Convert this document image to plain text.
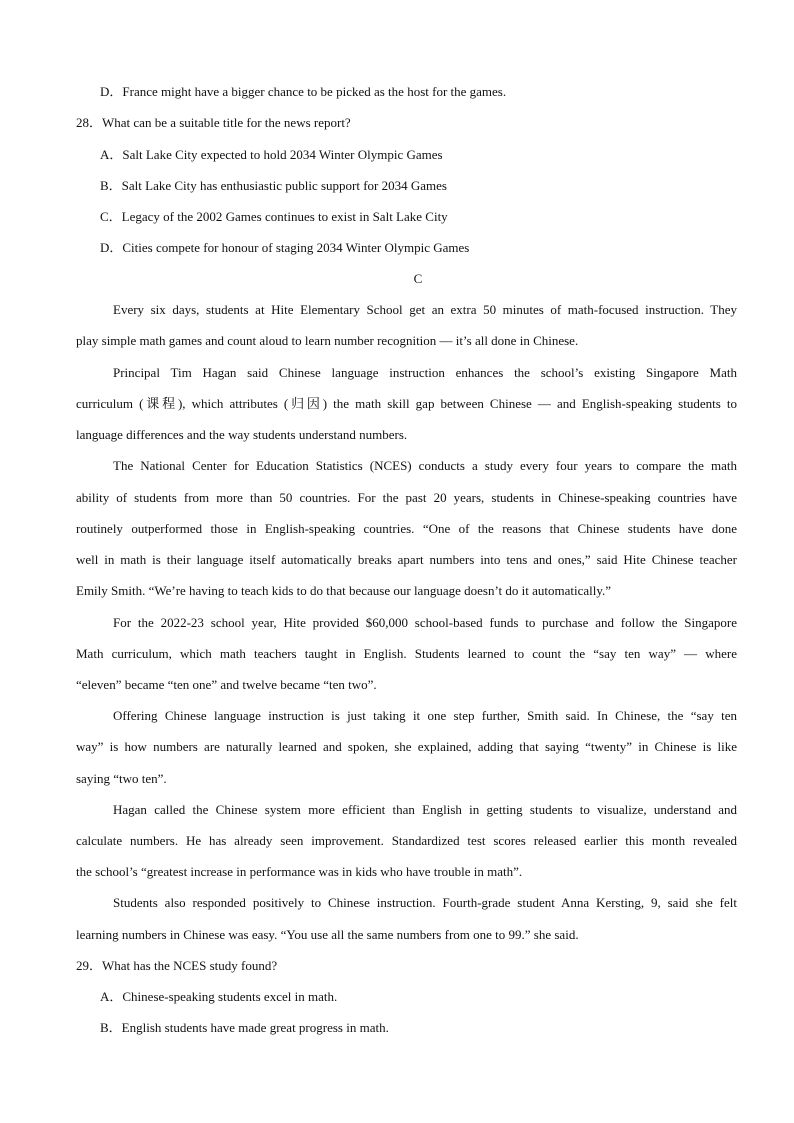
D．France might have a bigger chance to be picked as the host for the games.
28．What can be a suitable title for the news report?
A．Salt Lake City expected to hold 2034 Winter Olympic Games
B．Salt Lake City has enthusiastic public support for 2034 Games
C．Legacy of the 2002 Games continues to exist in Salt Lake City
D．Cities compete for honour of staging 2034 Winter Olympic Games
C
Every six days, students at Hite Elementary School get an extra 50 minutes of math-focused instruction. They
play simple math games and count aloud to learn number recognition — it’s all done in Chinese.
Principal Tim Hagan said Chinese language instruction enhances the school’s existing Singapore Math
curriculum (课程), which attributes (归因) the math skill gap between Chinese — and English-speaking students to
language differences and the way students understand numbers.
The National Center for Education Statistics (NCES) conducts a study every four years to compare the math
ability of students from more than 50 countries. For the past 20 years, students in Chinese-speaking countries have
routinely outperformed those in English-speaking countries. “One of the reasons that Chinese students have done
well in math is their language itself automatically breaks apart numbers into tens and ones,” said Hite Chinese teacher
Emily Smith. “We’re having to teach kids to do that because our language doesn’t do it automatically.”
For the 2022-23 school year, Hite provided $60,000 school-based funds to purchase and follow the Singapore
Math curriculum, which math teachers taught in English. Students learned to count the “say ten way” — where
“eleven” became “ten one” and twelve became “ten two”.
Offering Chinese language instruction is just taking it one step further, Smith said. In Chinese, the “say ten
way” is how numbers are naturally learned and spoken, she explained, adding that saying “twenty” in Chinese is like
saying “two ten”.
Hagan called the Chinese system more efficient than English in getting students to visualize, understand and
calculate numbers. He has already seen improvement. Standardized test scores released earlier this month revealed
the school’s “greatest increase in performance was in kids who have trouble in math”.
Students also responded positively to Chinese instruction. Fourth-grade student Anna Kersting, 9, said she felt
learning numbers in Chinese was easy. “You use all the same numbers from one to 99.” she said.
29．What has the NCES study found?
A．Chinese-speaking students excel in math.
B．English students have made great progress in math.
